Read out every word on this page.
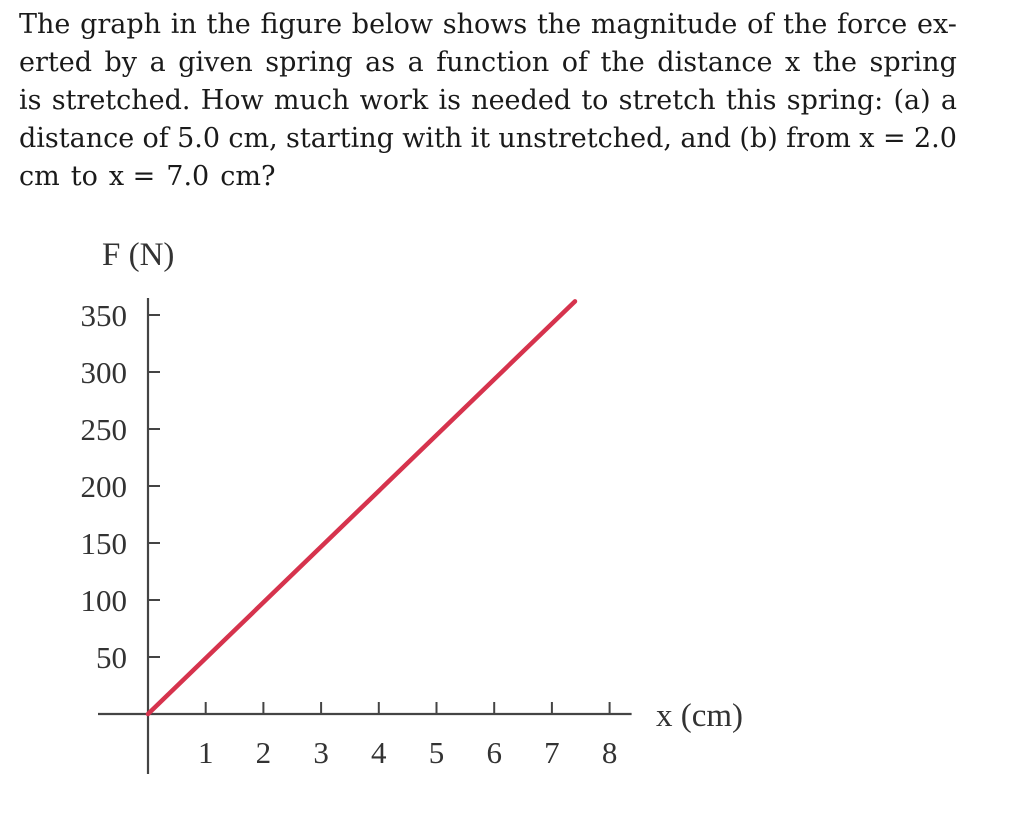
The graph in the figure below shows the magnitude of the force ex-
erted by a given spring as a function of the distance x the spring
is stretched. How much work is needed to stretch this spring: (a) a
distance of 5.0 cm, starting with it unstretched, and (b) from x = 2.0
cm to x = 7.0 cm?
50
100
150
200
250
300
350
1 2 3 4 5 6 7 8
F (N)
x (cm)
